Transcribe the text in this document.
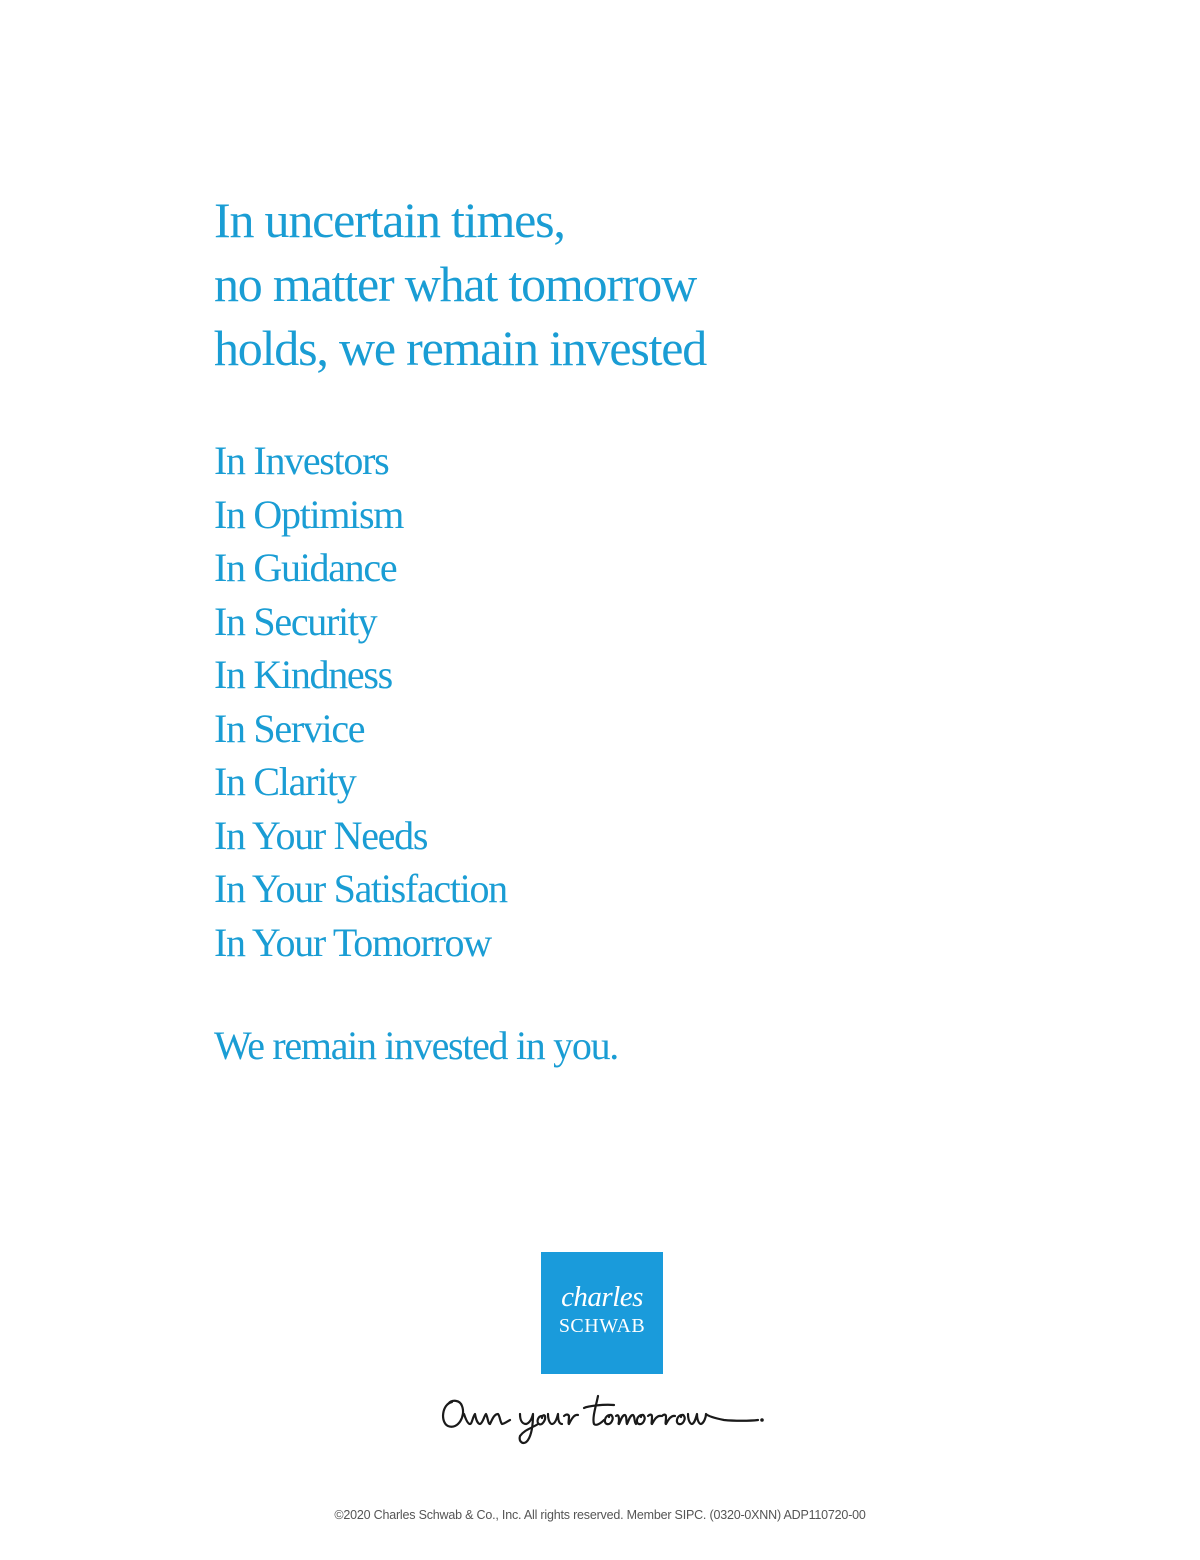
In uncertain times,
no matter what tomorrow
holds, we remain invested
In Investors
In Optimism
In Guidance
In Security
In Kindness
In Service
In Clarity
In Your Needs
In Your Satisfaction
In Your Tomorrow

We remain invested in you.

charles
SCHWAB

©2020 Charles Schwab & Co., Inc. All rights reserved. Member SIPC. (0320-0XNN) ADP110720-00
